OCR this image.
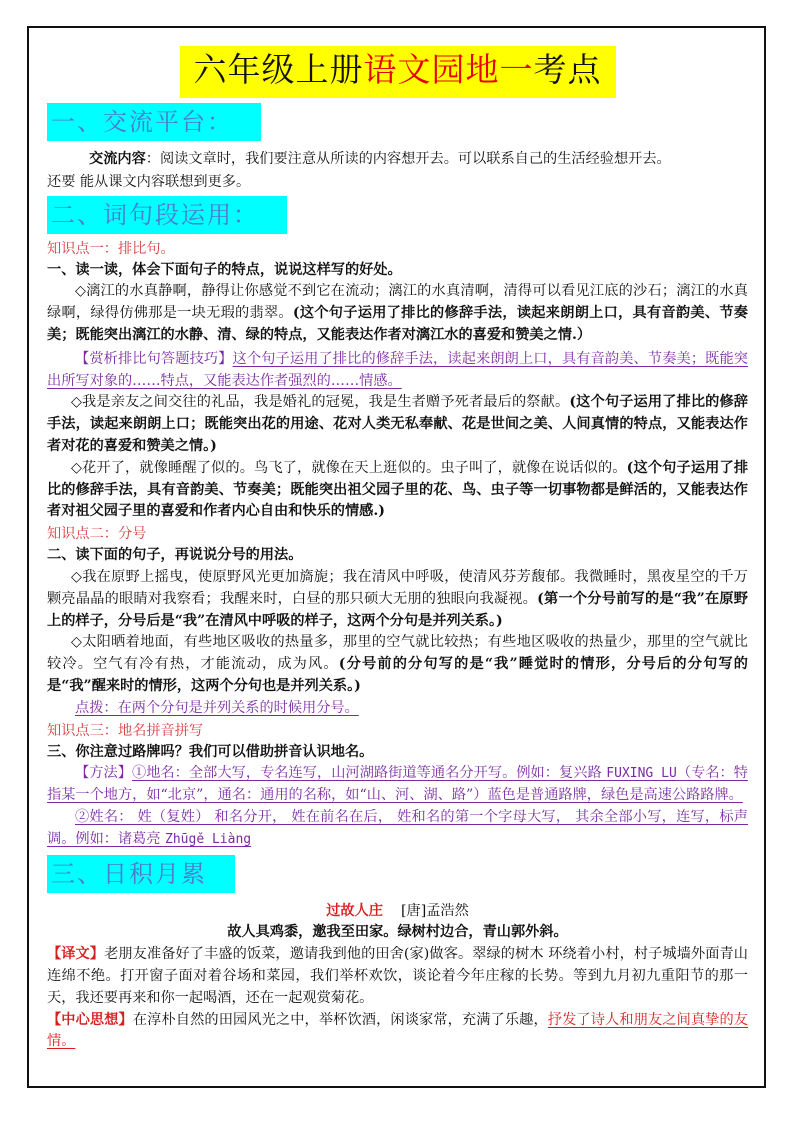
六年级上册语文园地一考点
一、交流平台：

交流内容：阅读文章时，我们要注意从所读的内容想开去。可以联系自己的生活经验想开去。

还要 能从课文内容联想到更多。

二、词句段运用：

知识点一：排比句。

一、读一读，体会下面句子的特点，说说这样写的好处。

◇漓江的水真静啊，静得让你感觉不到它在流动；漓江的水真清啊，清得可以看见江底的沙石；漓江的水真绿啊，绿得仿佛那是一块无瑕的翡翠。(这个句子运用了排比的修辞手法，读起来朗朗上口，具有音韵美、节奏美；既能突出漓江的水静、清、绿的特点，又能表达作者对漓江水的喜爱和赞美之情.）

【赏析排比句答题技巧】这个句子运用了排比的修辞手法，读起来朗朗上口，具有音韵美、节奏美；既能突出所写对象的……特点，又能表达作者强烈的……情感。

◇我是亲友之间交往的礼品，我是婚礼的冠冕，我是生者赠予死者最后的祭献。(这个句子运用了排比的修辞手法，读起来朗朗上口；既能突出花的用途、花对人类无私奉献、花是世间之美、人间真情的特点，又能表达作者对花的喜爱和赞美之情。)

◇花开了，就像睡醒了似的。鸟飞了，就像在天上逛似的。虫子叫了，就像在说话似的。(这个句子运用了排比的修辞手法，具有音韵美、节奏美；既能突出祖父园子里的花、鸟、虫子等一切事物都是鲜活的，又能表达作者对祖父园子里的喜爱和作者内心自由和快乐的情感.)

知识点二：分号

二、读下面的句子，再说说分号的用法。

◇我在原野上摇曳，使原野风光更加旖旎；我在清风中呼吸，使清风芬芳馥郁。我微睡时，黑夜星空的千万颗亮晶晶的眼睛对我察看；我醒来时，白昼的那只硕大无朋的独眼向我凝视。(第一个分号前写的是“我”在原野上的样子，分号后是“我”在清风中呼吸的样子，这两个分句是并列关系。)

◇太阳晒着地面，有些地区吸收的热量多，那里的空气就比较热；有些地区吸收的热量少，那里的空气就比较冷。空气有冷有热，才能流动，成为风。(分号前的分句写的是“我”睡觉时的情形，分号后的分句写的是“我”醒来时的情形，这两个分句也是并列关系。)

点拨：在两个分句是并列关系的时候用分号。

知识点三：地名拼音拼写

三、你注意过路牌吗？我们可以借助拼音认识地名。

【方法】①地名：全部大写，专名连写，山河湖路街道等通名分开写。例如：复兴路 FUXING LU（专名：特指某一个地方，如“北京”，通名：通用的名称，如“山、河、湖、路”）蓝色是普通路牌，绿色是高速公路路牌。

②姓名： 姓（复姓） 和名分开， 姓在前名在后， 姓和名的第一个字母大写， 其余全部小写，连写，标声调。例如：诸葛亮 Zhūgě Liàng

三、日积月累

过故人庄 [唐]孟浩然

故人具鸡黍，邀我至田家。绿树村边合，青山郭外斜。

【译文】老朋友准备好了丰盛的饭菜，邀请我到他的田舍(家)做客。翠绿的树木 环绕着小村，村子城墙外面青山连绵不绝。打开窗子面对着谷场和菜园，我们举杯欢饮，谈论着今年庄稼的长势。等到九月初九重阳节的那一天，我还要再来和你一起喝酒，还在一起观赏菊花。

【中心思想】在淳朴自然的田园风光之中，举杯饮酒，闲谈家常，充满了乐趣，抒发了诗人和朋友之间真挚的友情。
